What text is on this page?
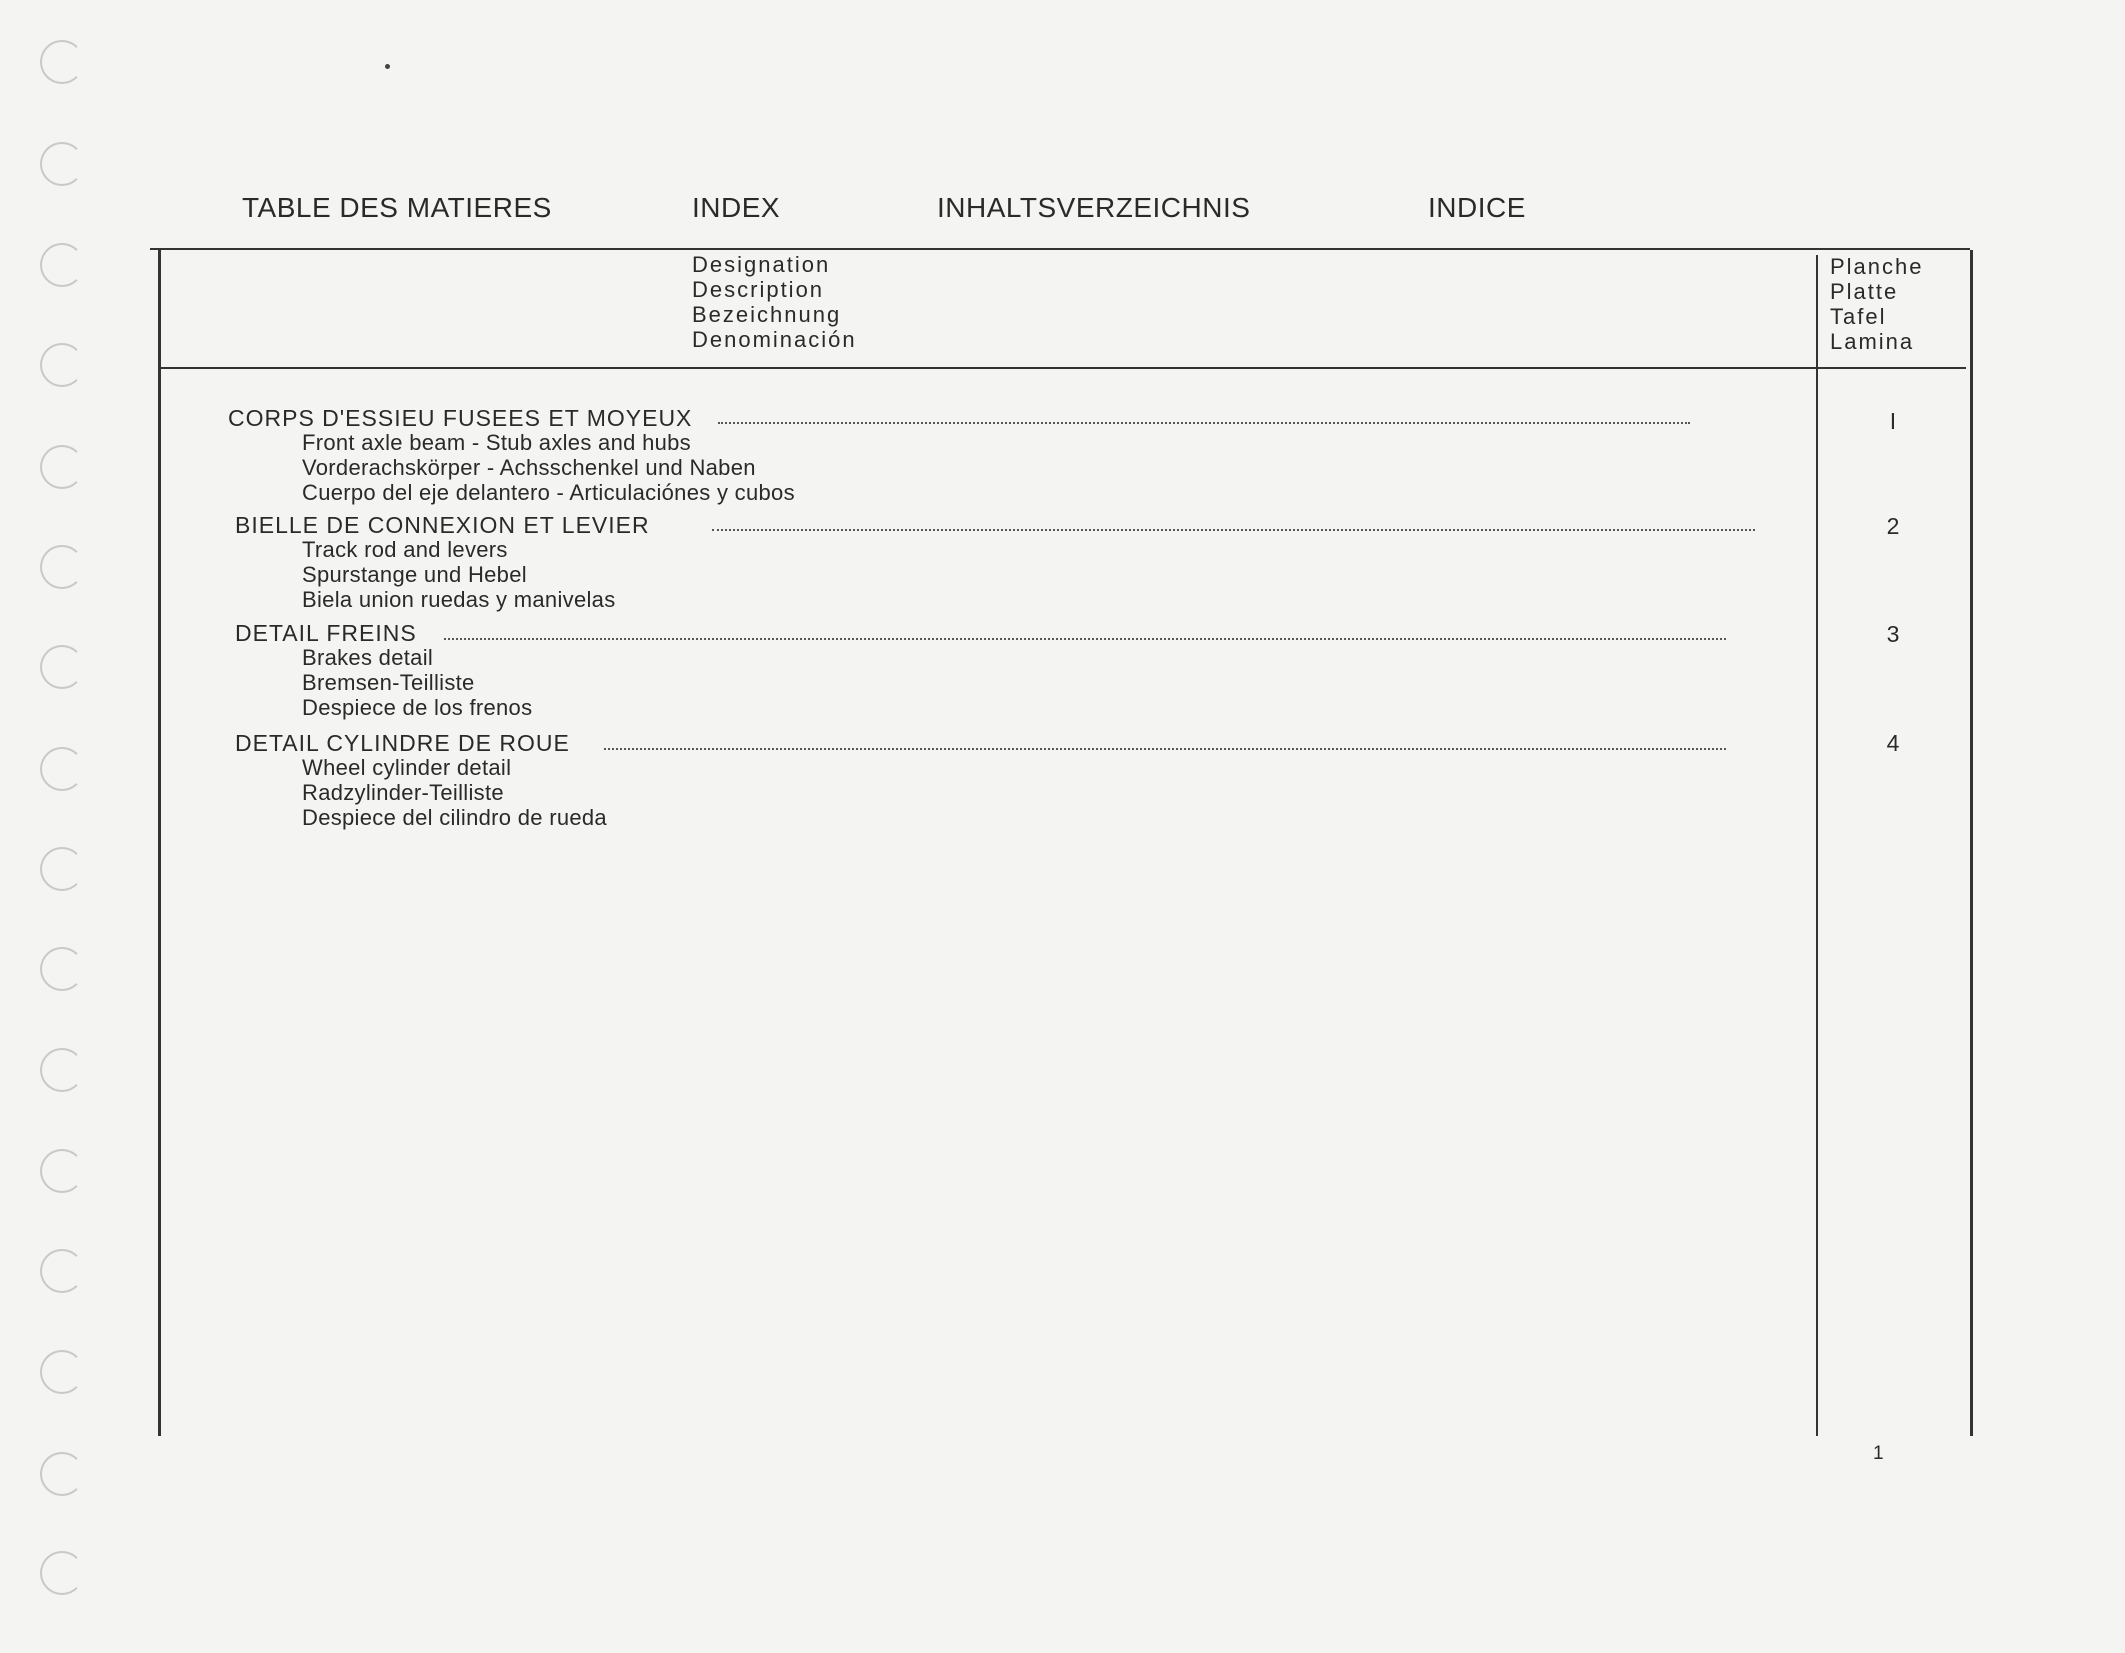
TABLE DES MATIERES	INDEX	INHALTSVERZEICHNIS	INDICE
Designation
Description
Bezeichnung
Denominación
Planche
Platte
Tafel
Lamina
CORPS D'ESSIEU FUSEES ET MOYEUX	I
Front axle beam - Stub axles and hubs
Vorderachskörper - Achsschenkel und Naben
Cuerpo del eje delantero - Articulaciónes y cubos
BIELLE DE CONNEXION ET LEVIER	2
Track rod and levers
Spurstange und Hebel
Biela union ruedas y manivelas
DETAIL FREINS	3
Brakes detail
Bremsen-Teilliste
Despiece de los frenos
DETAIL CYLINDRE DE ROUE	4
Wheel cylinder detail
Radzylinder-Teilliste
Despiece del cilindro de rueda
1
